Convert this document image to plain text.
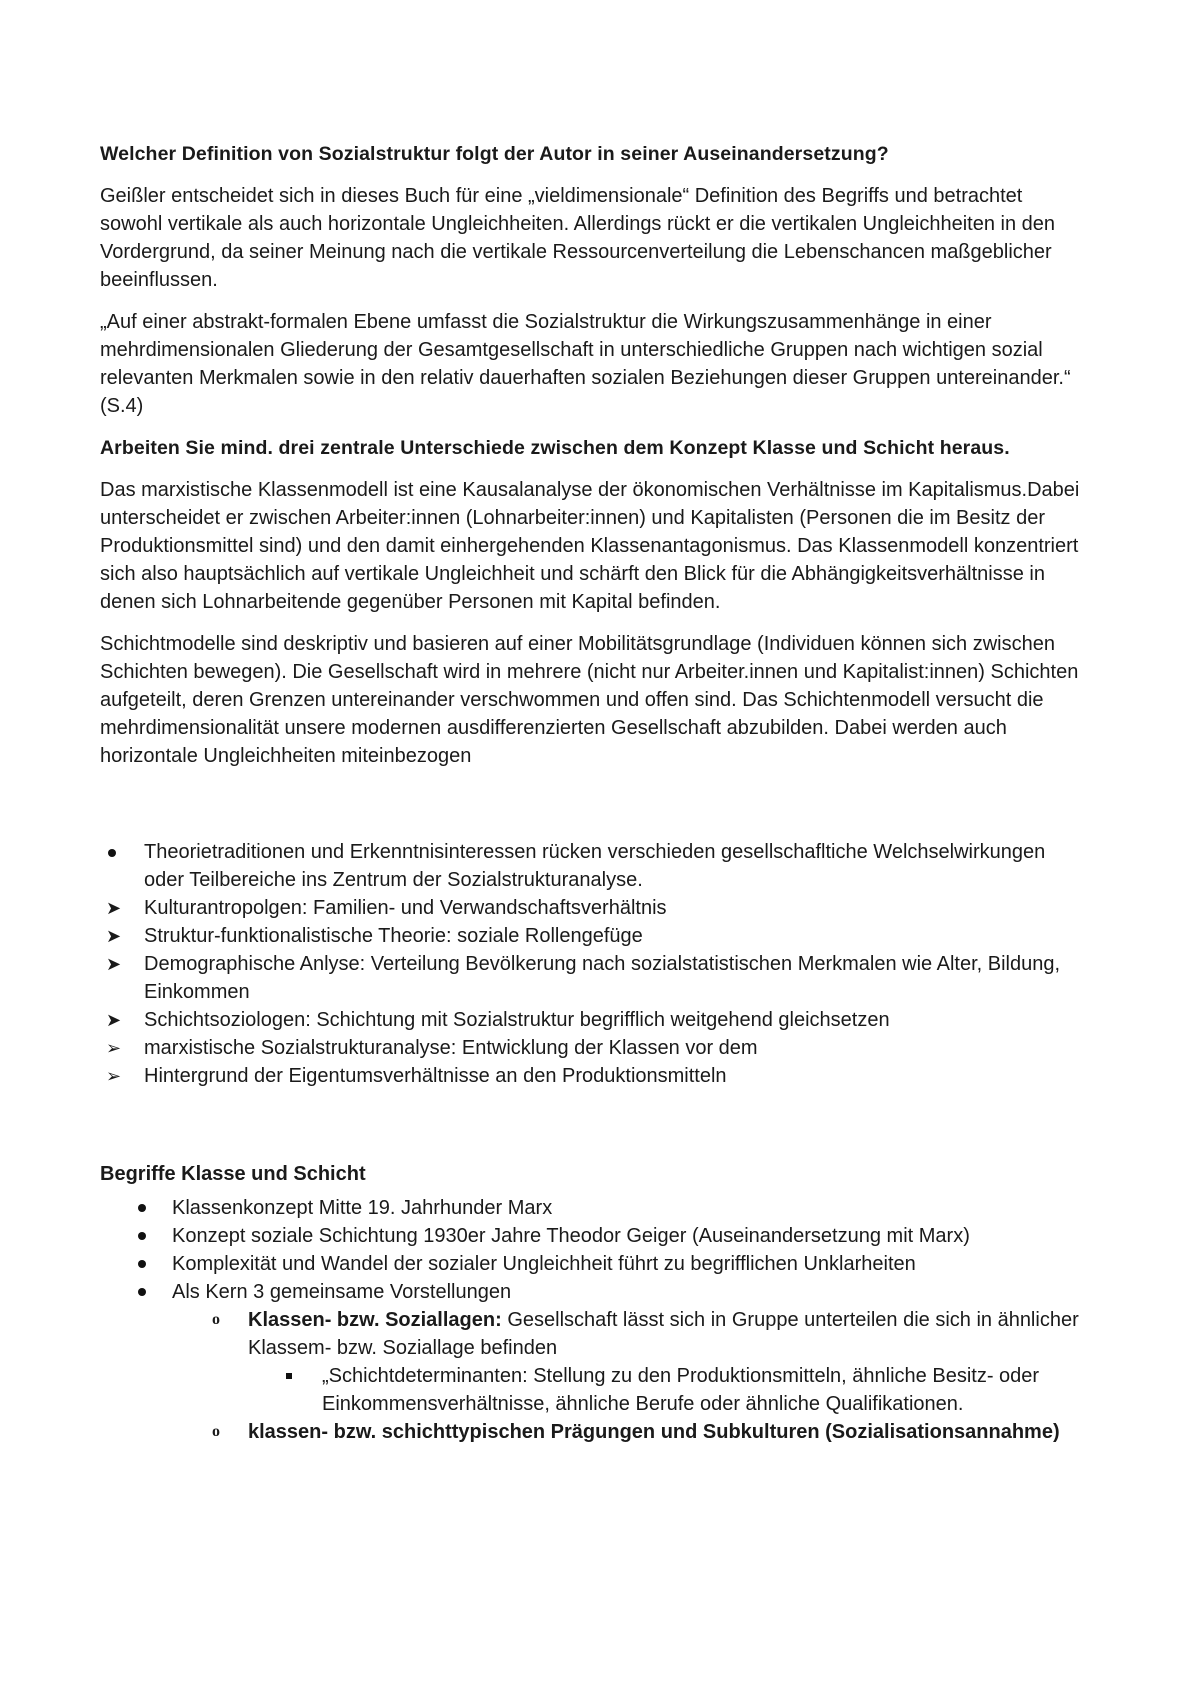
Welcher Definition von Sozialstruktur folgt der Autor in seiner Auseinandersetzung?
Geißler entscheidet sich in dieses Buch für eine „vieldimensionale“ Definition des Begriffs und betrachtet sowohl vertikale als auch horizontale Ungleichheiten. Allerdings rückt er die vertikalen Ungleichheiten in den Vordergrund, da seiner Meinung nach die vertikale Ressourcenverteilung die Lebenschancen maßgeblicher beeinflussen.
„Auf einer abstrakt-formalen Ebene umfasst die Sozialstruktur die Wirkungszusammenhänge in einer mehrdimensionalen Gliederung der Gesamtgesellschaft in unterschiedliche Gruppen nach wichtigen sozial relevanten Merkmalen sowie in den relativ dauerhaften sozialen Beziehungen dieser Gruppen untereinander.“ (S.4)
Arbeiten Sie mind. drei zentrale Unterschiede zwischen dem Konzept Klasse und Schicht heraus.
Das marxistische Klassenmodell ist eine Kausalanalyse der ökonomischen Verhältnisse im Kapitalismus.Dabei unterscheidet er zwischen Arbeiter:innen (Lohnarbeiter:innen) und Kapitalisten (Personen die im Besitz der Produktionsmittel sind) und den damit einhergehenden Klassenantagonismus. Das Klassenmodell konzentriert sich also hauptsächlich auf vertikale Ungleichheit und schärft den Blick für die Abhängigkeitsverhältnisse in denen sich Lohnarbeitende gegenüber Personen mit Kapital befinden.
Schichtmodelle sind deskriptiv und basieren auf einer Mobilitätsgrundlage (Individuen können sich zwischen Schichten bewegen). Die Gesellschaft wird in mehrere (nicht nur Arbeiter.innen und Kapitalist:innen) Schichten aufgeteilt, deren Grenzen untereinander verschwommen und offen sind. Das Schichtenmodell versucht die mehrdimensionalität unsere modernen ausdifferenzierten Gesellschaft abzubilden. Dabei werden auch horizontale Ungleichheiten miteinbezogen
Theorietraditionen und Erkenntnisinteressen rücken verschieden gesellschafltiche Welchselwirkungen oder Teilbereiche ins Zentrum der Sozialstrukturanalyse.
➤ Kulturantropolgen: Familien- und Verwandschaftsverhältnis
➤ Struktur-funktionalistische Theorie: soziale Rollengefüge
➤ Demographische Anlyse: Verteilung Bevölkerung nach sozialstatistischen Merkmalen wie Alter, Bildung, Einkommen
➤ Schichtsoziologen: Schichtung mit Sozialstruktur begrifflich weitgehend gleichsetzen
➢ marxistische Sozialstrukturanalyse: Entwicklung der Klassen vor dem
➢ Hintergrund der Eigentumsverhältnisse an den Produktionsmitteln
Begriffe Klasse und Schicht
Klassenkonzept Mitte 19. Jahrhunder Marx
Konzept soziale Schichtung 1930er Jahre Theodor Geiger (Auseinandersetzung mit Marx)
Komplexität und Wandel der sozialer Ungleichheit führt zu begrifflichen Unklarheiten
Als Kern 3 gemeinsame Vorstellungen
o Klassen- bzw. Soziallagen: Gesellschaft lässt sich in Gruppe unterteilen die sich in ähnlicher Klassem- bzw. Soziallage befinden
„Schichtdeterminanten: Stellung zu den Produktionsmitteln, ähnliche Besitz- oder Einkommensverhältnisse, ähnliche Berufe oder ähnliche Qualifikationen.
o klassen- bzw. schichttypischen Prägungen und Subkulturen (Sozialisationsannahme)
